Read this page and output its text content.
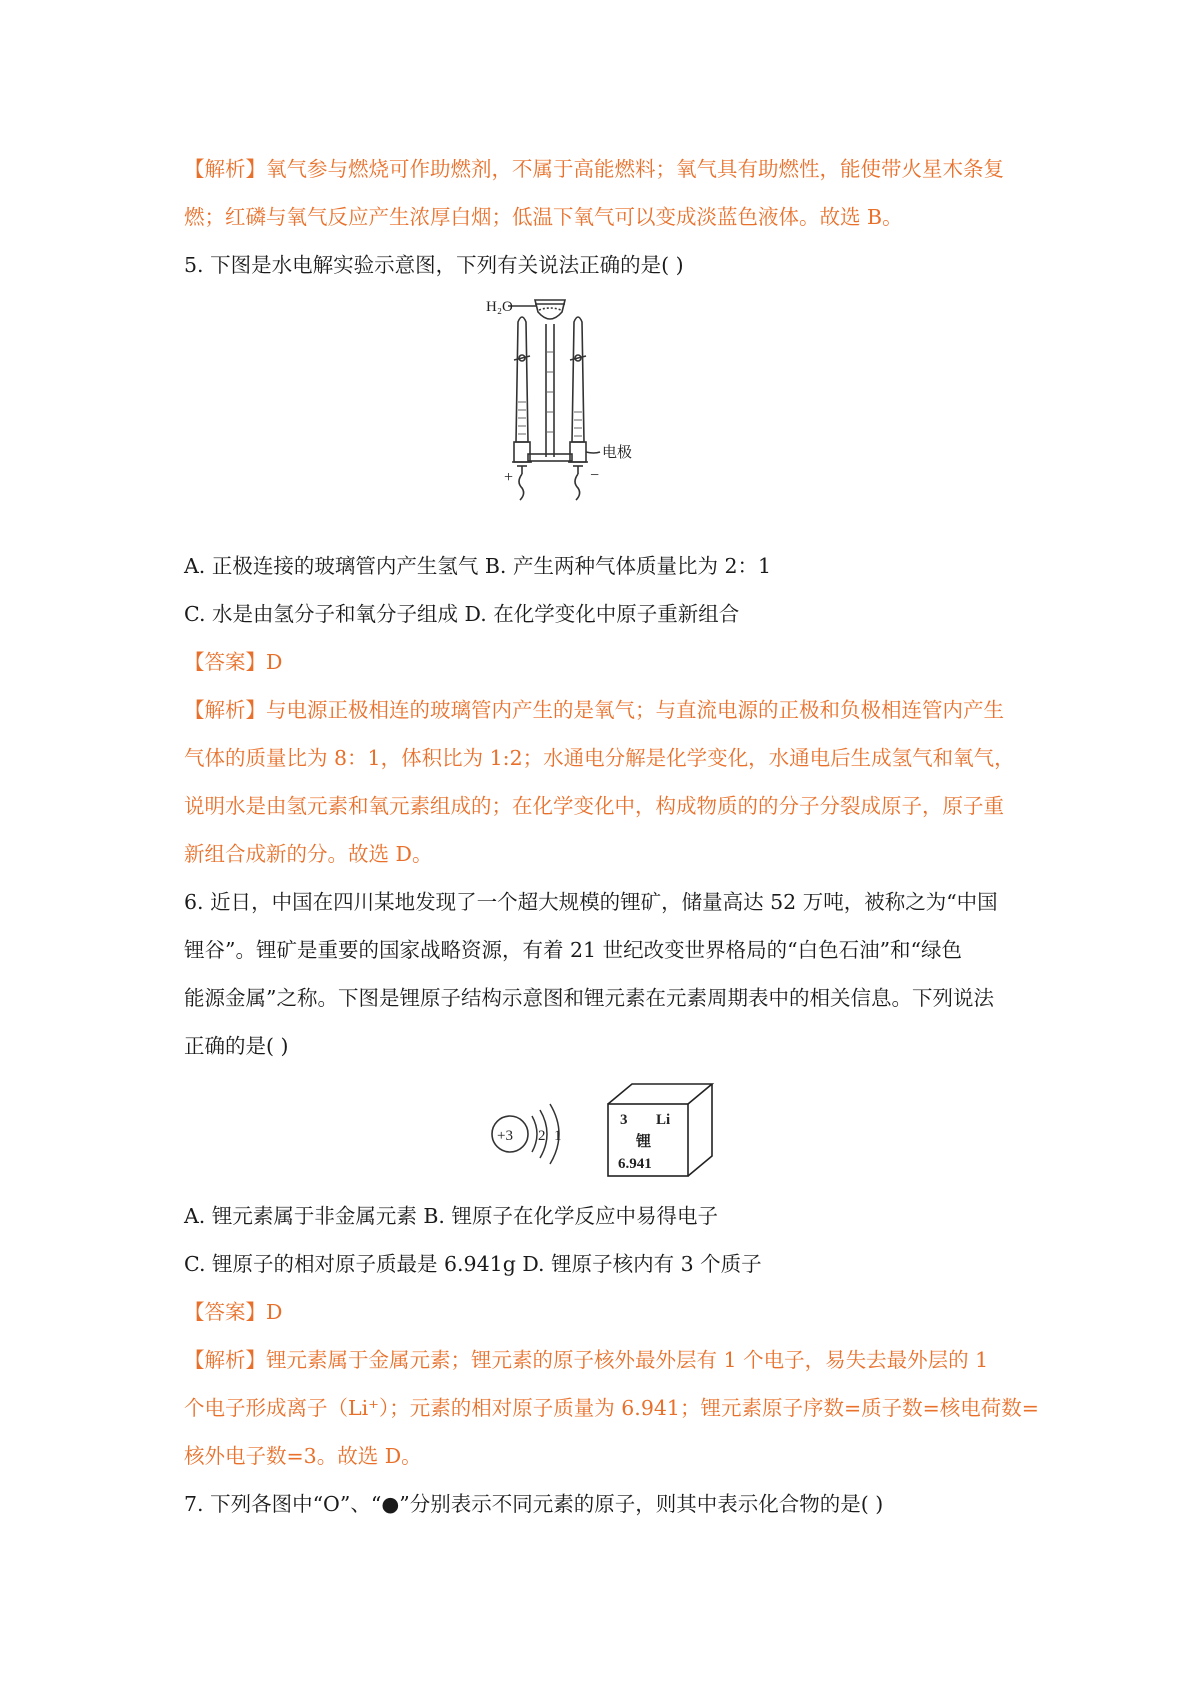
【解析】氧气参与燃烧可作助燃剂，不属于高能燃料；氧气具有助燃性，能使带火星木条复
燃；红磷与氧气反应产生浓厚白烟；低温下氧气可以变成淡蓝色液体。故选 B。
5. 下图是水电解实验示意图，下列有关说法正确的是( )
H₂O
电极
+	−
A. 正极连接的玻璃管内产生氢气 B. 产生两种气体质量比为 2：1
C. 水是由氢分子和氧分子组成 D. 在化学变化中原子重新组合
【答案】D
【解析】与电源正极相连的玻璃管内产生的是氧气；与直流电源的正极和负极相连管内产生
气体的质量比为 8：1，体积比为 1:2；水通电分解是化学变化，水通电后生成氢气和氧气，
说明水是由氢元素和氧元素组成的；在化学变化中，构成物质的的分子分裂成原子，原子重
新组合成新的分。故选 D。
6. 近日，中国在四川某地发现了一个超大规模的锂矿，储量高达 52 万吨，被称之为“中国
锂谷”。锂矿是重要的国家战略资源，有着 21 世纪改变世界格局的“白色石油”和“绿色
能源金属”之称。下图是锂原子结构示意图和锂元素在元素周期表中的相关信息。下列说法
正确的是( )
+3 2 1
3 Li
锂
6.941
A. 锂元素属于非金属元素 B. 锂原子在化学反应中易得电子
C. 锂原子的相对原子质最是 6.941g D. 锂原子核内有 3 个质子
【答案】D
【解析】锂元素属于金属元素；锂元素的原子核外最外层有 1 个电子，易失去最外层的 1
个电子形成离子（Li⁺）；元素的相对原子质量为 6.941；锂元素原子序数=质子数=核电荷数=
核外电子数=3。故选 D。
7. 下列各图中“O”、“●”分别表示不同元素的原子，则其中表示化合物的是( )
